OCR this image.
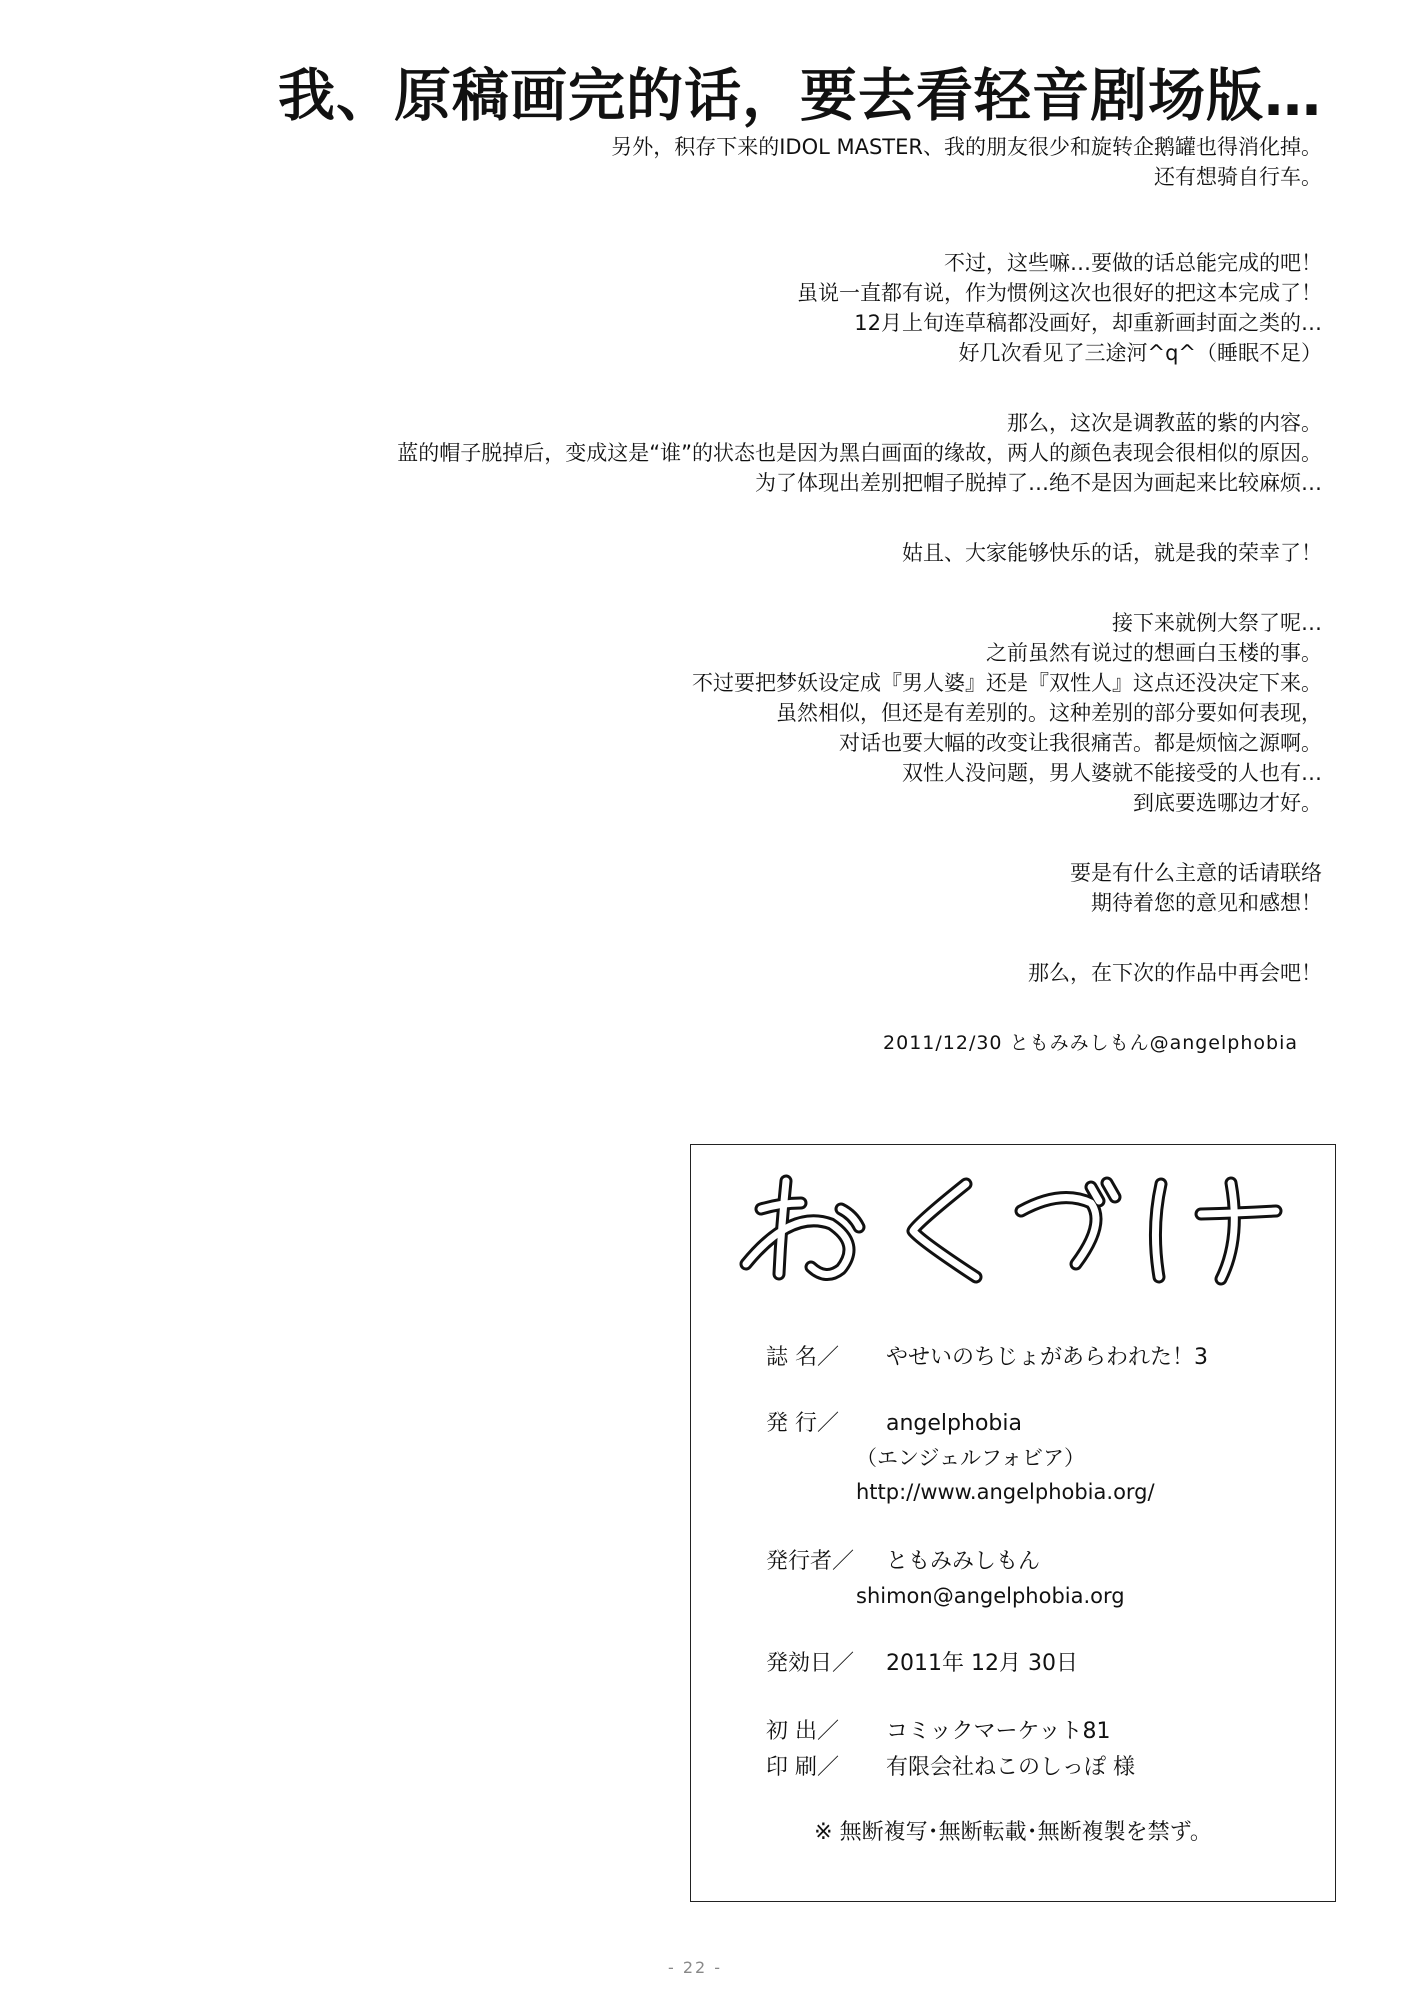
我、原稿画完的话，要去看轻音剧场版…

另外，积存下来的IDOL MASTER、我的朋友很少和旋转企鹅罐也得消化掉。

还有想骑自行车。

不过，这些嘛…要做的话总能完成的吧！

虽说一直都有说，作为惯例这次也很好的把这本完成了！

12月上旬连草稿都没画好，却重新画封面之类的…

好几次看见了三途河^q^（睡眠不足）

那么，这次是调教蓝的紫的内容。

蓝的帽子脱掉后，变成这是“谁”的状态也是因为黑白画面的缘故，两人的颜色表现会很相似的原因。

为了体现出差别把帽子脱掉了…绝不是因为画起来比较麻烦…

姑且、大家能够快乐的话，就是我的荣幸了！

接下来就例大祭了呢…

之前虽然有说过的想画白玉楼的事。

不过要把梦妖设定成『男人婆』还是『双性人』这点还没决定下来。

虽然相似，但还是有差别的。这种差别的部分要如何表现，

对话也要大幅的改变让我很痛苦。都是烦恼之源啊。

双性人没问题，男人婆就不能接受的人也有…

到底要选哪边才好。

要是有什么主意的话请联络

期待着您的意见和感想！

那么，在下次的作品中再会吧！

2011/12/30 ともみみしもん@angelphobia

誌 名／ やせいのちじょがあらわれた！3
発 行／ angelphobia
（エンジェルフォビア）
http://www.angelphobia.org/
発行者／ ともみみしもん
shimon@angelphobia.org
発効日／ 2011年 12月 30日
初 出／ コミックマーケット81
印 刷／ 有限会社ねこのしっぽ 様
※ 無断複写･無断転載･無断複製を禁ず。
- 22 -
